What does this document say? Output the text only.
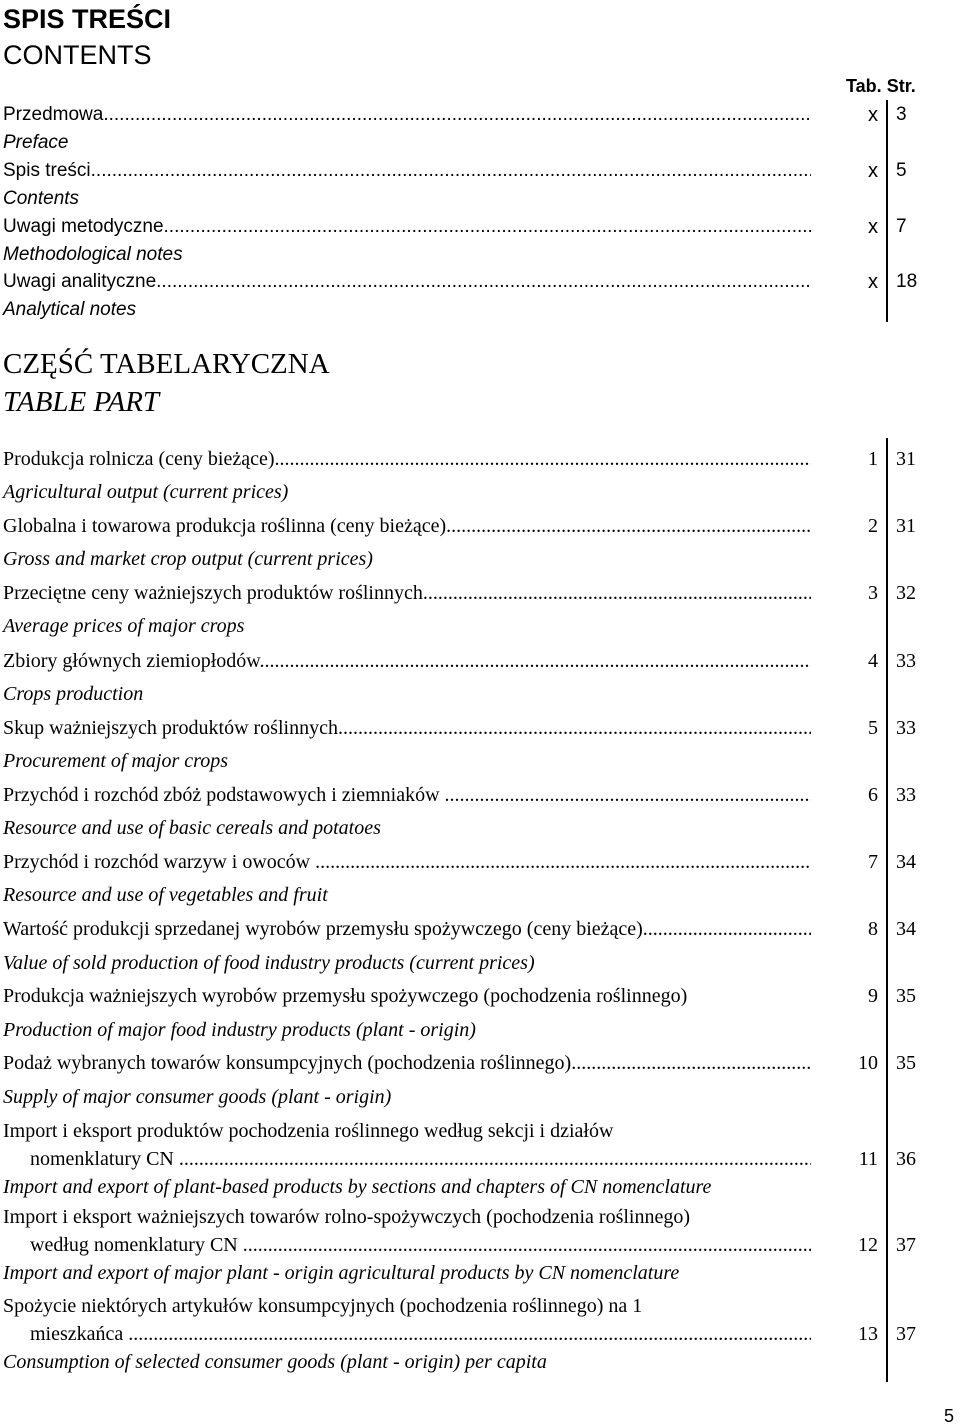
SPIS TREŚCI
CONTENTS
Tab. Str.
Przedmowa .....	x 3
Preface
Spis treści .....	x 5
Contents
Uwagi metodyczne .....	x 7
Methodological notes
Uwagi analityczne .....	x 18
Analytical notes
CZĘŚĆ TABELARYCZNA
TABLE PART
Produkcja rolnicza (ceny bieżące) .....	1 31
Agricultural output (current prices)
Globalna i towarowa produkcja roślinna (ceny bieżące) .....	2 31
Gross and market crop output (current prices)
Przeciętne ceny ważniejszych produktów roślinnych .....	3 32
Average prices of major crops
Zbiory głównych ziemiopłodów .....	4 33
Crops production
Skup ważniejszych produktów roślinnych .....	5 33
Procurement of major crops
Przychód i rozchód zbóż podstawowych i ziemniaków .....	6 33
Resource and use of basic cereals and potatoes
Przychód i rozchód warzyw i owoców .....	7 34
Resource and use of vegetables and fruit
Wartość produkcji sprzedanej wyrobów przemysłu spożywczego (ceny bieżące) .....	8 34
Value of sold production of food industry products (current prices)
Produkcja ważniejszych wyrobów przemysłu spożywczego (pochodzenia roślinnego)	9 35
Production of major food industry products (plant - origin)
Podaż wybranych towarów konsumpcyjnych (pochodzenia roślinnego) .....	10 35
Supply of major consumer goods (plant - origin)
Import i eksport produktów pochodzenia roślinnego według sekcji i działów
nomenklatury CN .....	11 36
Import and export of plant-based products by sections and chapters of CN nomenclature
Import i eksport ważniejszych towarów rolno-spożywczych (pochodzenia roślinnego)
według nomenklatury CN .....	12 37
Import and export of major plant - origin agricultural products by CN nomenclature
Spożycie niektórych artykułów konsumpcyjnych (pochodzenia roślinnego) na 1
mieszkańca .....	13 37
Consumption of selected consumer goods (plant - origin) per capita
5
